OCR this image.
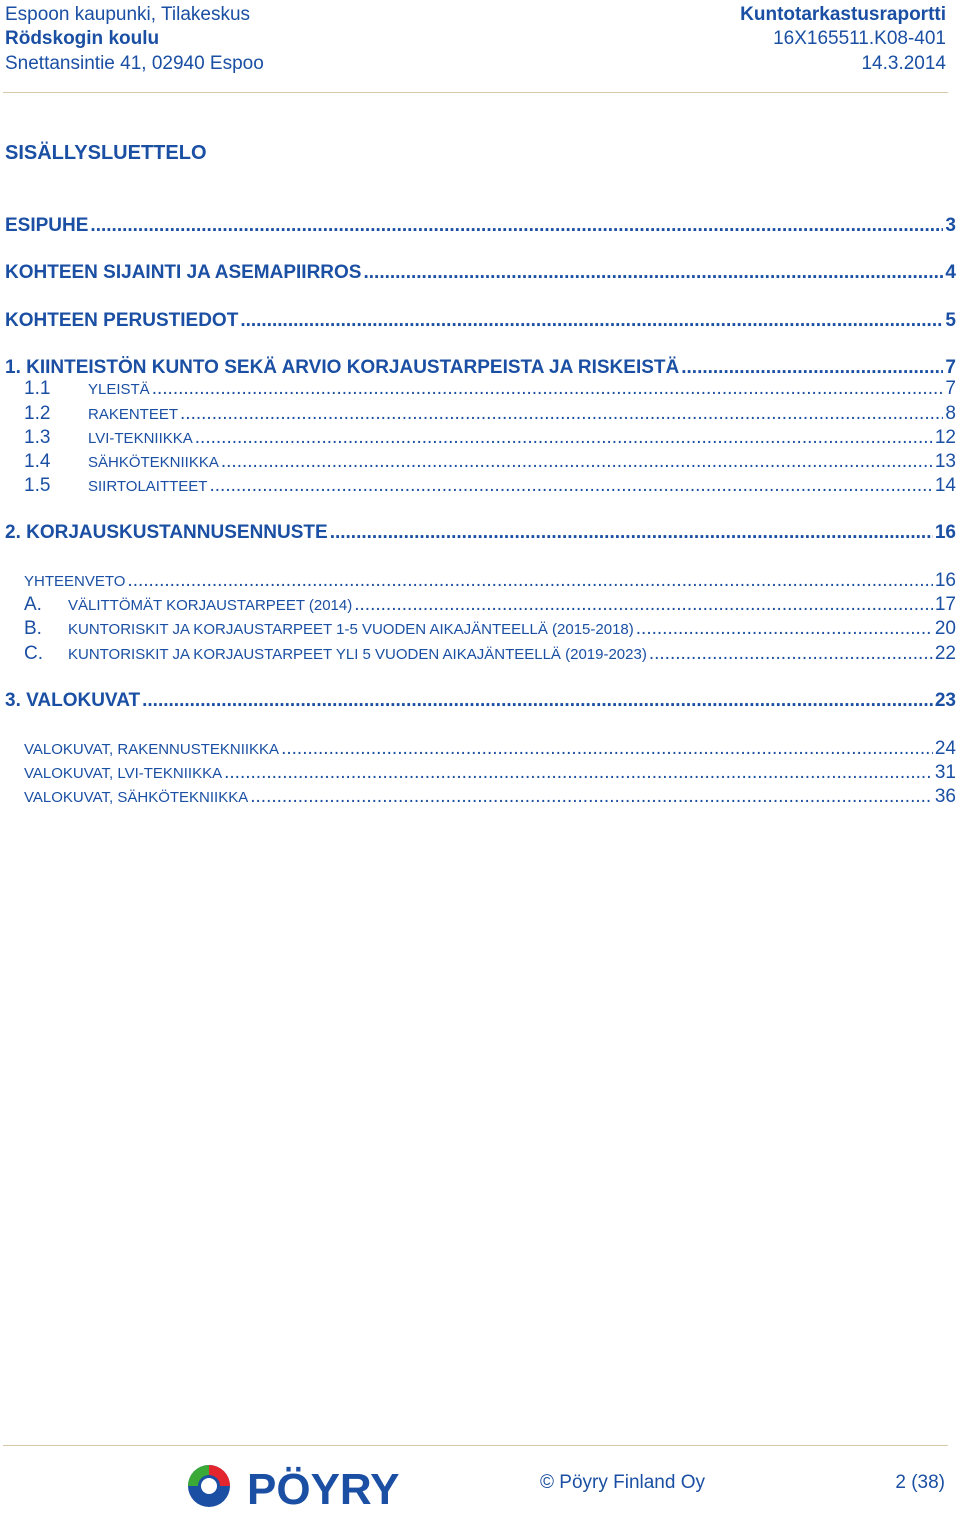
Espoon kaupunki, Tilakeskus	Kuntotarkastusraportti
Rödskogin koulu	16X165511.K08-401
Snettansintie 41, 02940 Espoo	14.3.2014
SISÄLLYSLUETTELO
ESIPUHE .....	3
KOHTEEN SIJAINTI JA ASEMAPIIRROS .....	4
KOHTEEN PERUSTIEDOT .....	5
1. KIINTEISTÖN KUNTO SEKÄ ARVIO KORJAUSTARPEISTA JA RISKEISTÄ .....	7
1.1	YLEISTÄ .....	7
1.2	RAKENTEET .....	8
1.3	LVI-TEKNIIKKA .....	12
1.4	SÄHKÖTEKNIIKKA .....	13
1.5	SIIRTOLAITTEET .....	14
2. KORJAUSKUSTANNUSENNUSTE .....	16
YHTEENVETO .....	16
A. VÄLITTÖMÄT KORJAUSTARPEET (2014) .....	17
B. KUNTORISKIT JA KORJAUSTARPEET 1-5 VUODEN AIKAJÄNTEELLÄ (2015-2018) .....	20
C. KUNTORISKIT JA KORJAUSTARPEET YLI 5 VUODEN AIKAJÄNTEELLÄ (2019-2023) .....	22
3. VALOKUVAT .....	23
VALOKUVAT, RAKENNUSTEKNIIKKA .....	24
VALOKUVAT, LVI-TEKNIIKKA .....	31
VALOKUVAT, SÄHKÖTEKNIIKKA .....	36
PÖYRY	© Pöyry Finland Oy	2 (38)
